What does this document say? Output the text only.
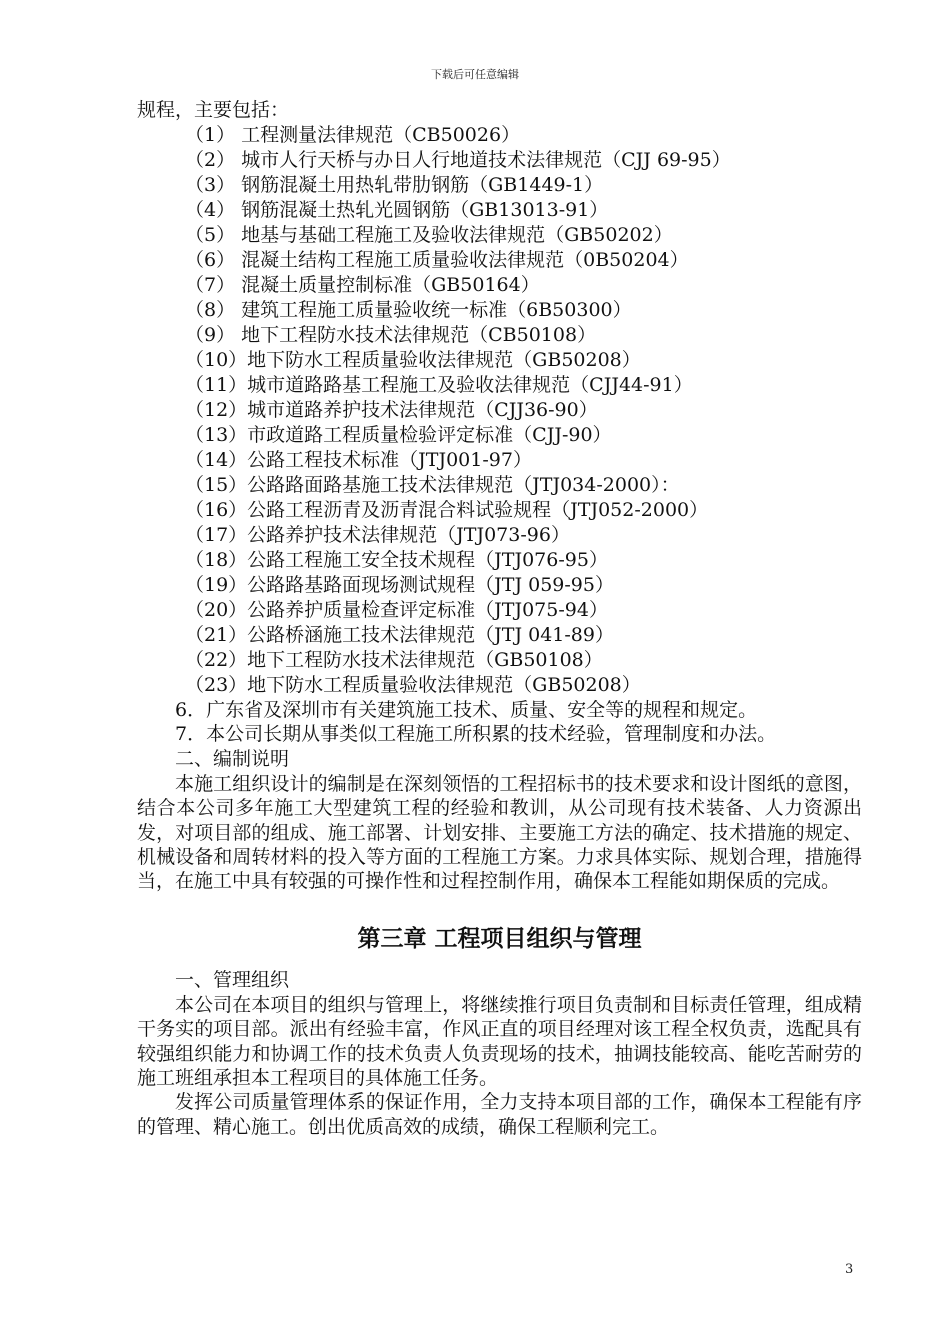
下载后可任意编辑
规程，主要包括：
（1） 工程测量法律规范（CB50026）
（2） 城市人行天桥与办日人行地道技术法律规范（CJJ 69-95）
（3） 钢筋混凝土用热轧带肋钢筋（GB1449-1）
（4） 钢筋混凝土热轧光圆钢筋（GB13013-91）
（5） 地基与基础工程施工及验收法律规范（GB50202）
（6） 混凝土结构工程施工质量验收法律规范（0B50204）
（7） 混凝土质量控制标准（GB50164）
（8） 建筑工程施工质量验收统一标准（6B50300）
（9） 地下工程防水技术法律规范（CB50108）
（10）地下防水工程质量验收法律规范（GB50208）
（11）城市道路路基工程施工及验收法律规范（CJJ44-91）
（12）城市道路养护技术法律规范（CJJ36-90）
（13）市政道路工程质量检验评定标准（CJJ-90）
（14）公路工程技术标准（JTJ001-97）
（15）公路路面路基施工技术法律规范（JTJ034-2000）：
（16）公路工程沥青及沥青混合料试验规程（JTJ052-2000）
（17）公路养护技术法律规范（JTJ073-96）
（18）公路工程施工安全技术规程（JTJ076-95）
（19）公路路基路面现场测试规程（JTJ 059-95）
（20）公路养护质量检查评定标准（JTJ075-94）
（21）公路桥涵施工技术法律规范（JTJ 041-89）
（22）地下工程防水技术法律规范（GB50108）
（23）地下防水工程质量验收法律规范（GB50208）

6．广东省及深圳市有关建筑施工技术、质量、安全等的规程和规定。

7．本公司长期从事类似工程施工所积累的技术经验，管理制度和办法。

二、编制说明

本施工组织设计的编制是在深刻领悟的工程招标书的技术要求和设计图纸的意图，结合本公司多年施工大型建筑工程的经验和教训，从公司现有技术装备、人力资源出发，对项目部的组成、施工部署、计划安排、主要施工方法的确定、技术措施的规定、机械设备和周转材料的投入等方面的工程施工方案。力求具体实际、规划合理，措施得当，在施工中具有较强的可操作性和过程控制作用，确保本工程能如期保质的完成。

第三章 工程项目组织与管理
一、管理组织

本公司在本项目的组织与管理上，将继续推行项目负责制和目标责任管理，组成精干务实的项目部。派出有经验丰富，作风正直的项目经理对该工程全权负责，选配具有较强组织能力和协调工作的技术负责人负责现场的技术，抽调技能较高、能吃苦耐劳的施工班组承担本工程项目的具体施工任务。

发挥公司质量管理体系的保证作用，全力支持本项目部的工作，确保本工程能有序的管理、精心施工。创出优质高效的成绩，确保工程顺利完工。

3
